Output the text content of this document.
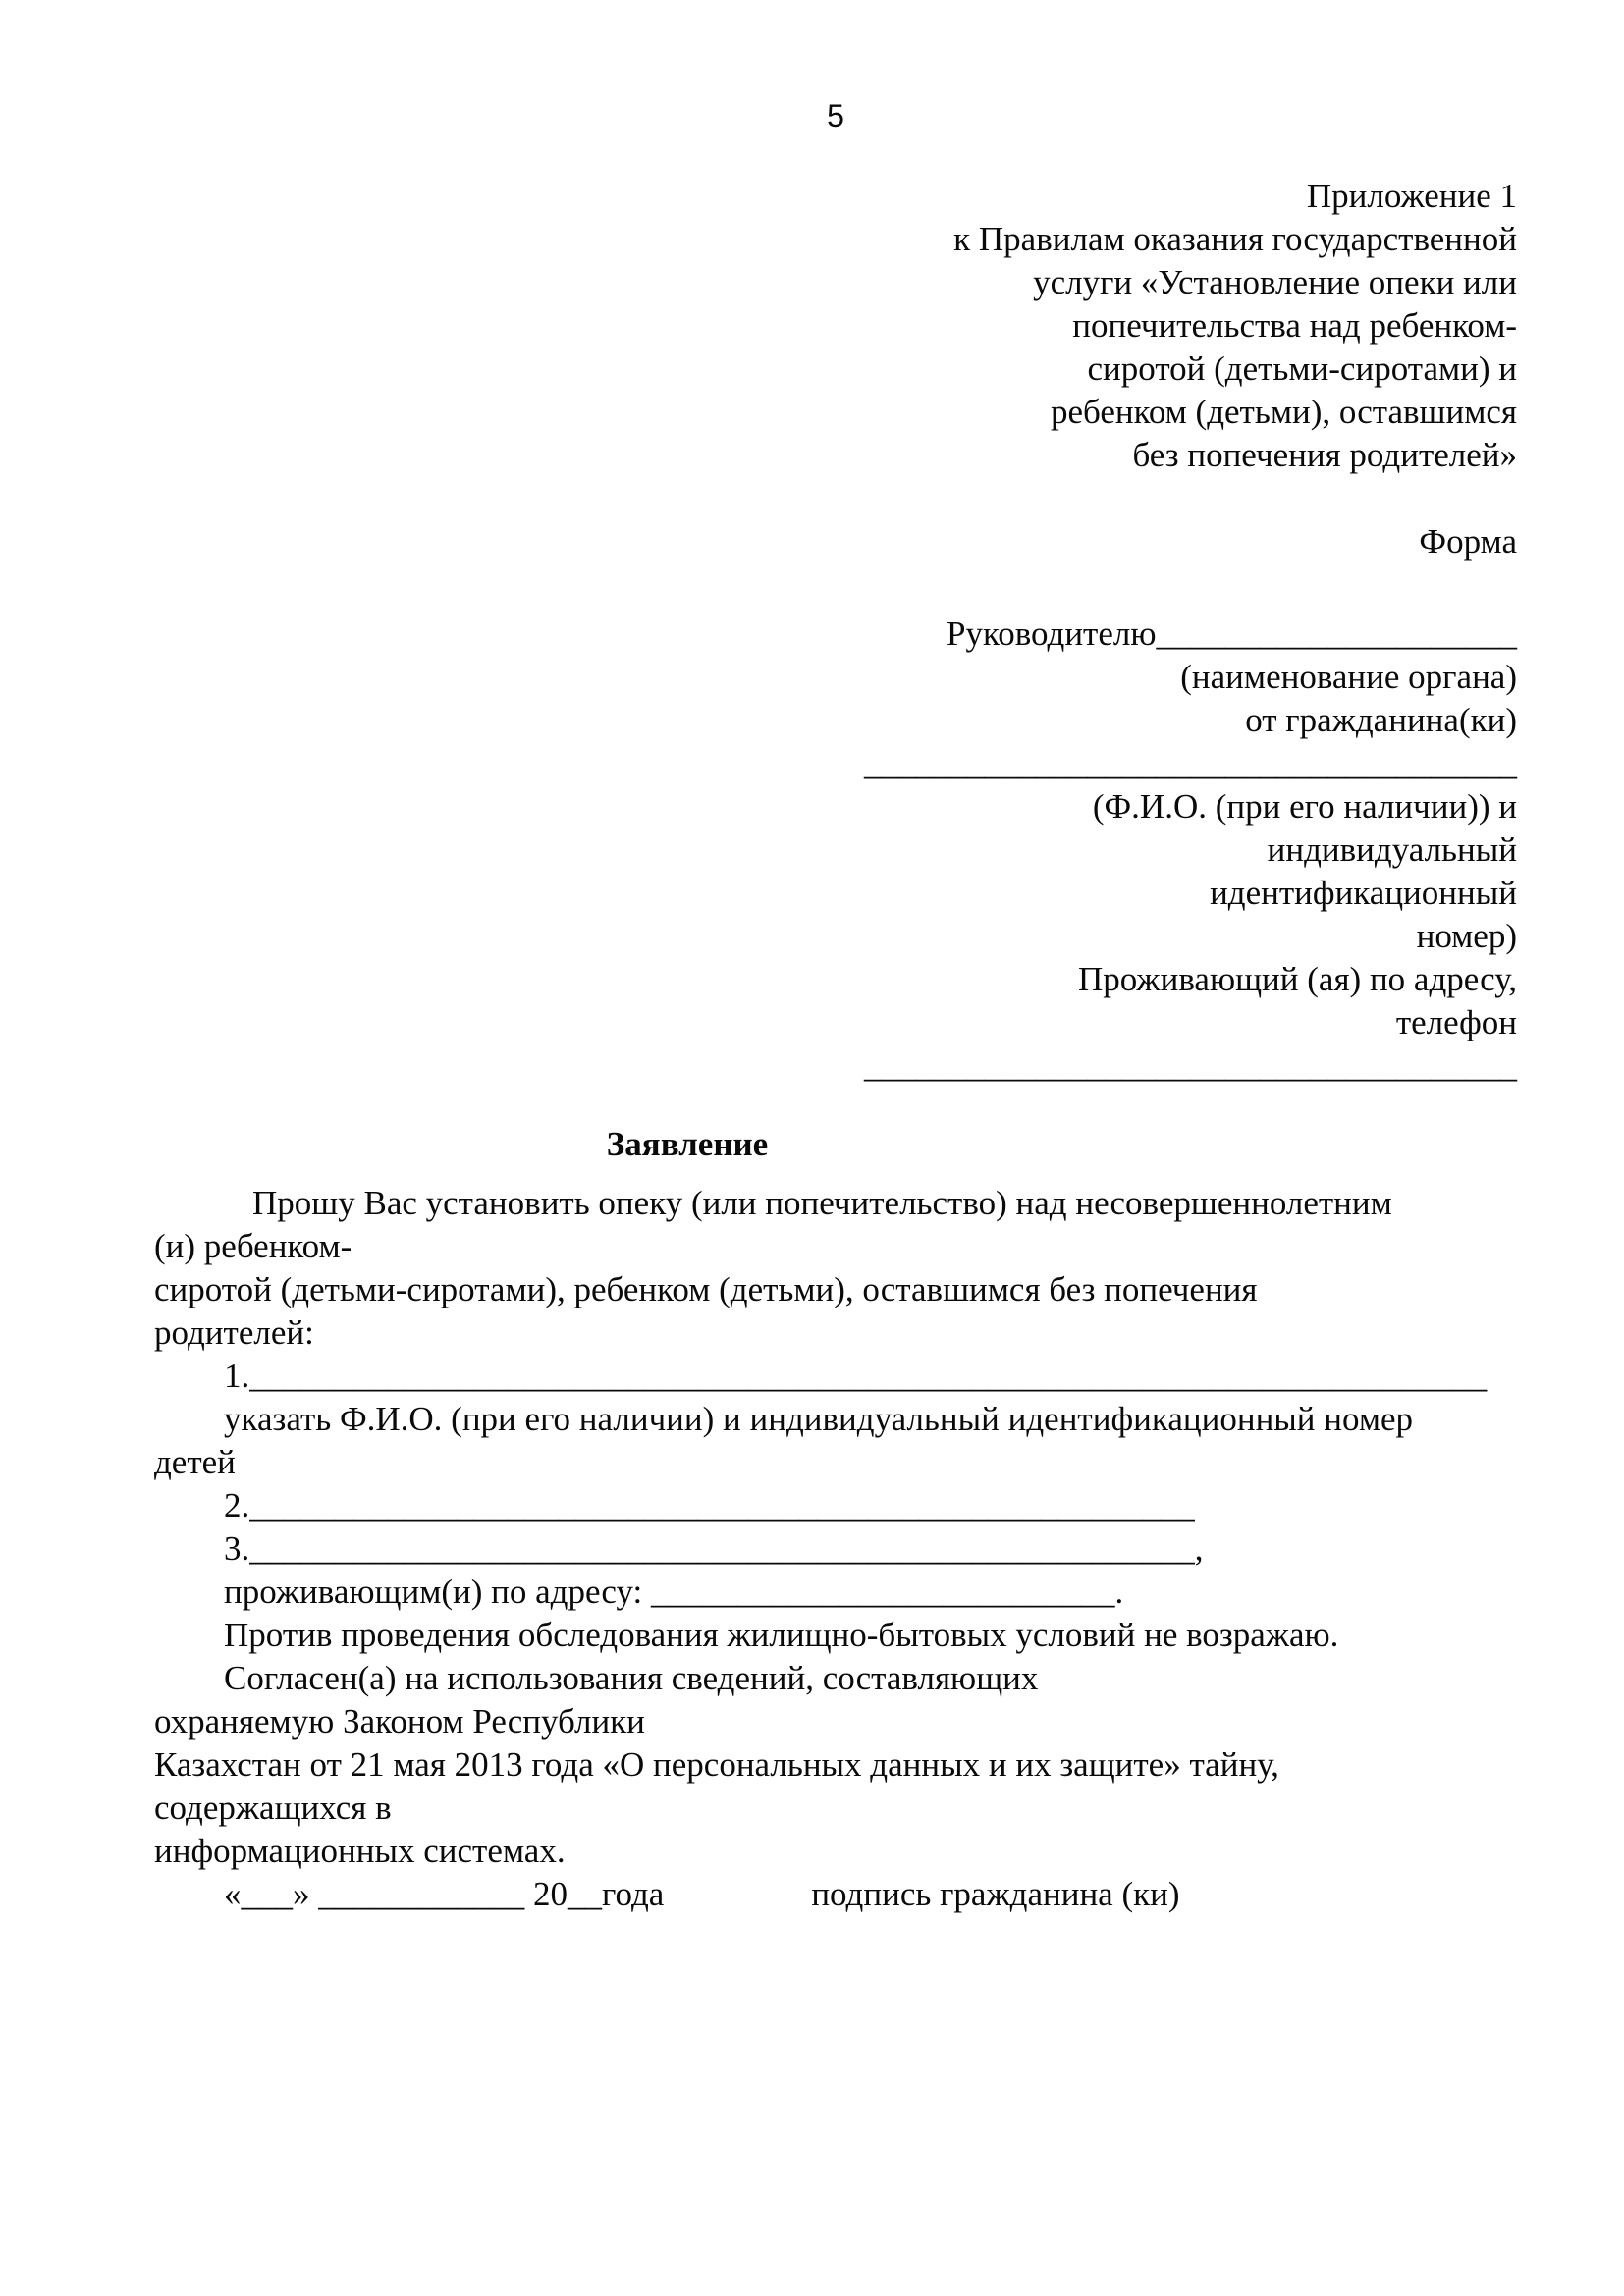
5
Приложение 1
к Правилам оказания государственной
услуги «Установление опеки или
попечительства над ребенком-
сиротой (детьми-сиротами) и
ребенком (детьми), оставшимся
без попечения родителей»
Форма
Руководителю_____________________
(наименование органа)
от гражданина(ки)
______________________________________
(Ф.И.О. (при его наличии)) и
индивидуальный
идентификационный
номер)
Проживающий (ая) по адресу,
телефон
______________________________________
Заявление
Прошу Вас установить опеку (или попечительство) над несовершеннолетним
(и) ребенком-
сиротой (детьми-сиротами), ребенком (детьми), оставшимся без попечения
родителей:
1.________________________________________________________________________
указать Ф.И.О. (при его наличии) и индивидуальный идентификационный номер
детей
2._______________________________________________________
3._______________________________________________________,
проживающим(и) по адресу: ___________________________.
Против проведения обследования жилищно-бытовых условий не возражаю.
Согласен(а) на использования сведений, составляющих
охраняемую Законом Республики
Казахстан от 21 мая 2013 года «О персональных данных и их защите» тайну,
содержащихся в
информационных системах.
«___» ____________ 20__года	подпись гражданина (ки)
